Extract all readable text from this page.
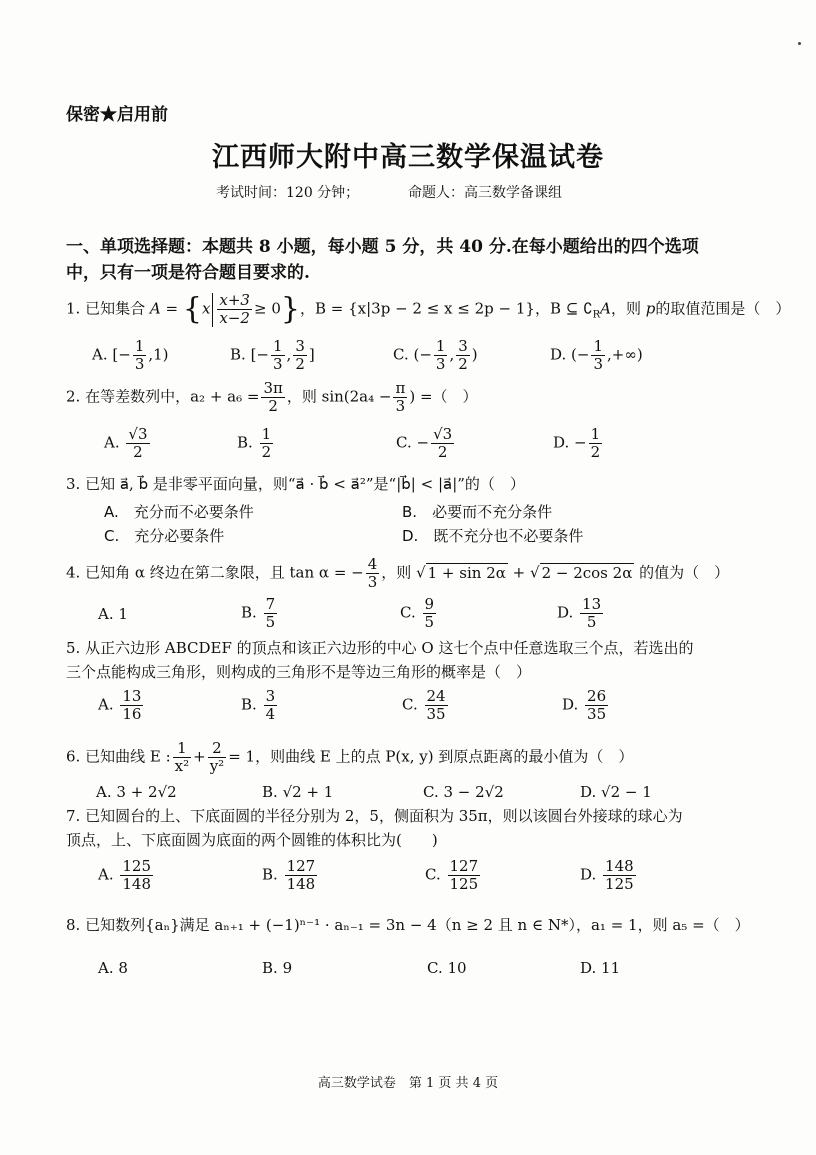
保密★启用前
江西师大附中高三数学保温试卷
考试时间：120 分钟；	命题人：高三数学备课组
一、单项选择题：本题共 8 小题，每小题 5 分，共 40 分.在每小题给出的四个选项
中，只有一项是符合题目要求的.
1. 已知集合 $A = \{x \frac{x+3}{x-2} \ge 0\}$，B = {x|3p − 2 ≤ x ≤ 2p − 1}，B ⊆ $∁_RA$，则 p的取值范围是（　）
A. [− $\frac{1}{3} ,1$)	B. [− $\frac{1}{3}$ , $\frac{3}{2}$ ]	C. (− $\frac{1}{3}$ , $\frac{3}{2}$ )	D. (− $\frac{1}{3}$ ,+∞)
2. 在等差数列中，$a_2 + a_6 = \frac{3\pi}{2}$ ，则 $\sin(2a_4 - \frac{\pi}{3}$ ) =（　）
A. $\frac{√3}{2}$	B. $\frac{1}{2}$	C. − $\frac{√3}{2}$	D. − $\frac{1}{2}$
3. 已知 a⃗, b⃗ 是非零平面向量，则“a⃗ · b⃗ < a⃗²”是“|b⃗| < |a⃗|”的（　）
A.　 充分而不必要条件	B.　 必要而不充分条件
C.　 充分必要条件	D.　 既不充分也不必要条件
4. 已知角 α 终边在第二象限，且 tan α = − $\frac{4}{3}$ ，则 √ 1 + sin 2α + √ 2 − 2cos 2α 的值为（　）
A. 1	B. $\frac{7}{5}$	C. $\frac{9}{5}$	D. $\frac{13}{5}$
5. 从正六边形 ABCDEF 的顶点和该正六边形的中心 O 这七个点中任意选取三个点，若选出的
三个点能构成三角形，则构成的三角形不是等边三角形的概率是（　）
A. $\frac{13}{16}$	B. $\frac{3}{4}$	C. $\frac{24}{35}$	D. $\frac{26}{35}$
6. 已知曲线 E : $\frac{1}{\text{x²}} + \frac{2}{\text{y²}} = 1$，则曲线 E 上的点 P(x, y) 到原点距离的最小值为（　）
A. 3 + 2√2	B. √2 + 1	C. 3 − 2√2	D. √2 − 1
7. 已知圆台的上、下底面圆的半径分别为 2，5，侧面积为 35π，则以该圆台外接球的球心为
顶点，上、下底面圆为底面的两个圆锥的体积比为(　　)
A. $\frac{125}{148}$	B. $\frac{127}{148}$	C. $\frac{127}{125}$	D. $\frac{148}{125}$
8. 已知数列{aₙ}满足 aₙ₊₁ + (−1)ⁿ⁻¹ · aₙ₋₁ = 3n − 4（n ≥ 2 且 n ∈ N*），a₁ = 1，则 a₅ =（　）
A. 8	B. 9	C. 10	D. 11
高三数学试卷　第 1 页 共 4 页
